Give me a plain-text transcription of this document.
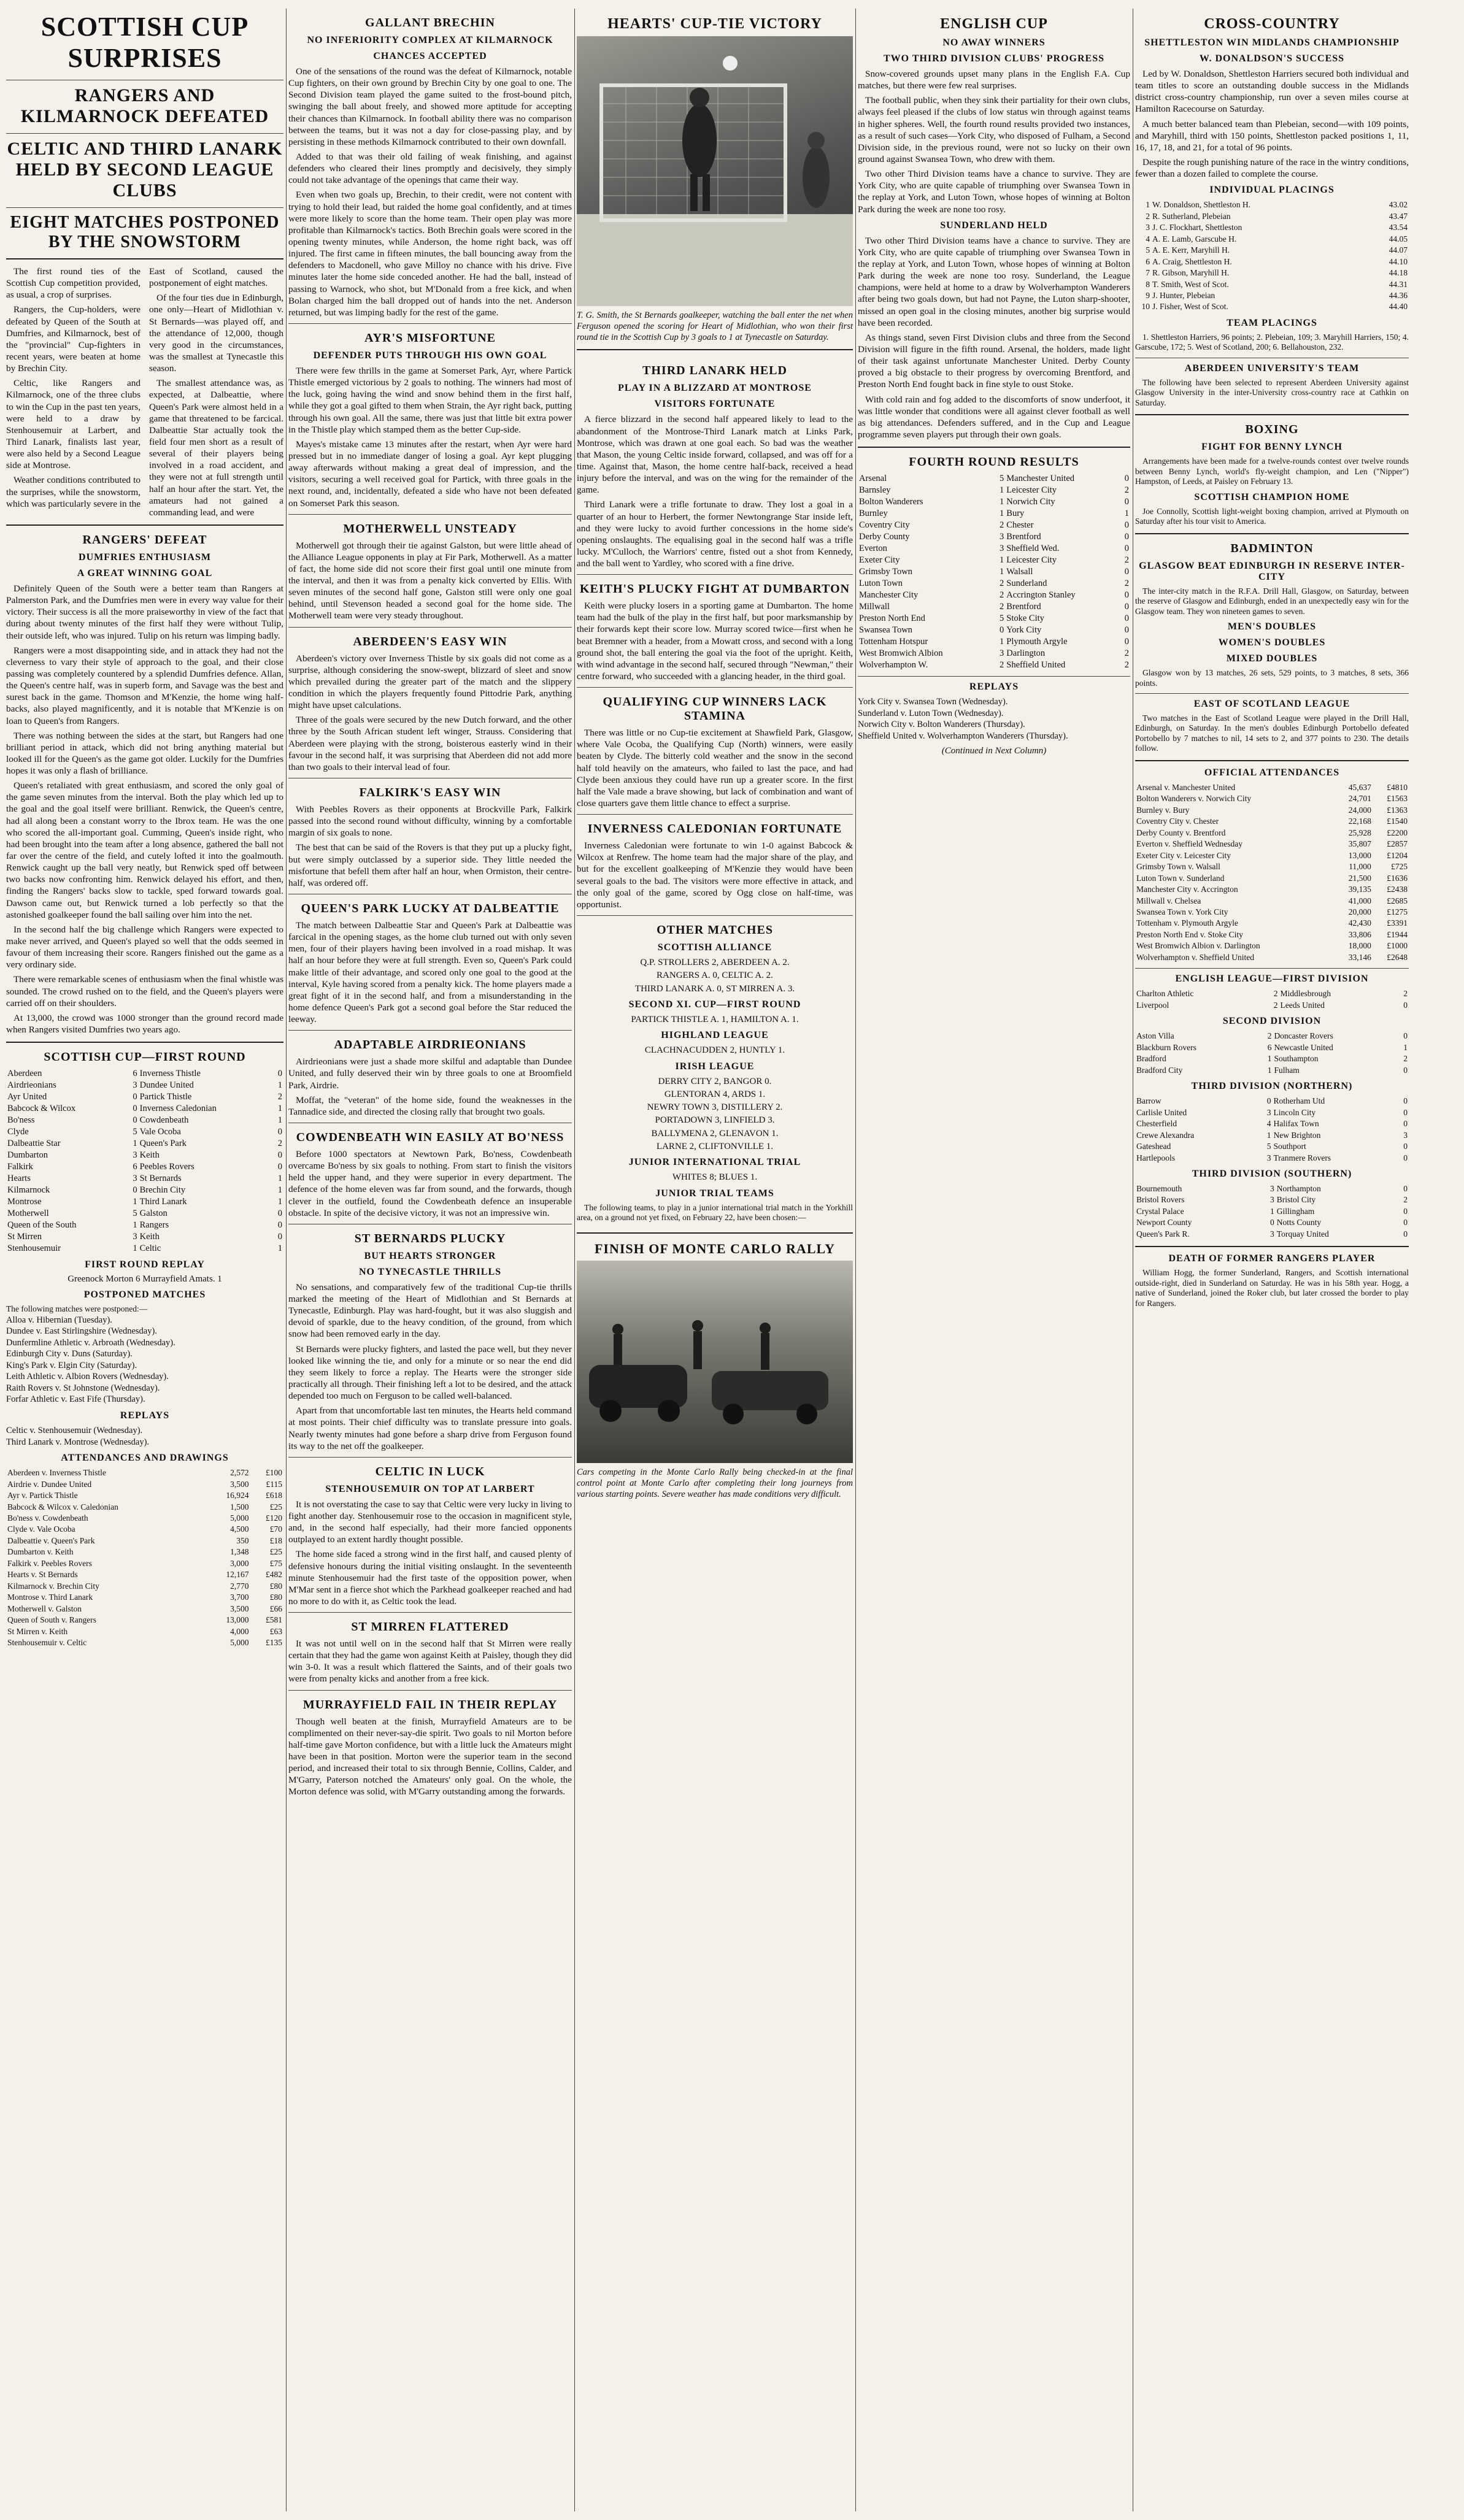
SCOTTISH CUP SURPRISES
RANGERS AND KILMARNOCK DEFEATED
CELTIC AND THIRD LANARK HELD BY SECOND LEAGUE CLUBS
EIGHT MATCHES POSTPONED BY THE SNOWSTORM

The first round ties of the Scottish Cup competition provided, as usual, a crop of surprises.

Rangers, the Cup-holders, were defeated by Queen of the South at Dumfries, and Kilmarnock, best of the "provincial" Cup-fighters in recent years, were beaten at home by Brechin City.

Celtic, like Rangers and Kilmarnock, one of the three clubs to win the Cup in the past ten years, were held to a draw by Stenhousemuir at Larbert, and Third Lanark, finalists last year, were also held by a Second League side at Montrose.

Weather conditions contributed to the surprises, while the snowstorm, which was particularly severe in the East of Scotland, caused the postponement of eight matches.

Of the four ties due in Edinburgh, one only—Heart of Midlothian v. St Bernards—was played off, and the attendance of 12,000, though very good in the circumstances, was the smallest at Tynecastle this season.

The smallest attendance was, as expected, at Dalbeattie, where Queen's Park were almost held in a game that threatened to be farcical. Dalbeattie Star actually took the field four men short as a result of several of their players being involved in a road accident, and they were not at full strength until half an hour after the start. Yet, the amateurs had not gained a commanding lead, and were

RANGERS' DEFEAT
DUMFRIES ENTHUSIASM
A GREAT WINNING GOAL

Definitely Queen of the South were a better team than Rangers at Palmerston Park, and the Dumfries men were in every way value for their victory. Their success is all the more praiseworthy in view of the fact that during about twenty minutes of the first half they were without Tulip, their outside left, who was injured. Tulip on his return was limping badly.

Rangers were a most disappointing side, and in attack they had not the cleverness to vary their style of approach to the goal, and their close passing was completely countered by a splendid Dumfries defence. Allan, the Queen's centre half, was in superb form, and Savage was the best and surest back in the game. Thomson and M'Kenzie, the home wing half-backs, also played magnificently, and it is notable that M'Kenzie is on loan to Queen's from Rangers.

There was nothing between the sides at the start, but Rangers had one brilliant period in attack, which did not bring anything material but looked ill for the Queen's as the game got older. Luckily for the Dumfries hopes it was only a flash of brilliance.

Queen's retaliated with great enthusiasm, and scored the only goal of the game seven minutes from the interval. Both the play which led up to the goal and the goal itself were brilliant. Renwick, the Queen's centre, had all along been a constant worry to the Ibrox team. He was the one who scored the all-important goal. Cumming, Queen's inside right, who had been brought into the team after a long absence, gathered the ball not far over the centre of the field, and cutely lofted it into the goalmouth. Renwick caught up the ball very neatly, but Renwick sped off between two backs now confronting him. Renwick delayed his effort, and then, finding the Rangers' backs slow to tackle, sped forward towards goal. Dawson came out, but Renwick turned a lob perfectly so that the astonished goalkeeper found the ball sailing over him into the net.

In the second half the big challenge which Rangers were expected to make never arrived, and Queen's played so well that the odds seemed in favour of them increasing their score. Rangers finished out the game as a very ordinary side.

There were remarkable scenes of enthusiasm when the final whistle was sounded. The crowd rushed on to the field, and the Queen's players were carried off on their shoulders.

At 13,000, the crowd was 1000 stronger than the ground record made when Rangers visited Dumfries two years ago.

SCOTTISH CUP—FIRST ROUND
Aberdeen	6	Inverness Thistle	0
Airdrieonians	3	Dundee United	1
Ayr United	0	Partick Thistle	2
Babcock & Wilcox	0	Inverness Caledonian	1
Bo'ness	0	Cowdenbeath	1
Clyde	5	Vale Ocoba	0
Dalbeattie Star	1	Queen's Park	2
Dumbarton	3	Keith	0
Falkirk	6	Peebles Rovers	0
Hearts	3	St Bernards	1
Kilmarnock	0	Brechin City	1
Montrose	1	Third Lanark	1
Motherwell	5	Galston	0
Queen of the South	1	Rangers	0
St Mirren	3	Keith	0
Stenhousemuir	1	Celtic	1
FIRST ROUND REPLAY
Greenock Morton 6 Murrayfield Amats. 1
POSTPONED MATCHES
The following matches were postponed:—
Alloa v. Hibernian (Tuesday).
Dundee v. East Stirlingshire (Wednesday).
Dunfermline Athletic v. Arbroath (Wednesday).
Edinburgh City v. Duns (Saturday).
King's Park v. Elgin City (Saturday).
Leith Athletic v. Albion Rovers (Wednesday).
Raith Rovers v. St Johnstone (Wednesday).
Forfar Athletic v. East Fife (Thursday).
REPLAYS
Celtic v. Stenhousemuir (Wednesday).
Third Lanark v. Montrose (Wednesday).
ATTENDANCES AND DRAWINGS
Aberdeen v. Inverness Thistle	2,572	£100
Airdrie v. Dundee United	3,500	£115
Ayr v. Partick Thistle	16,924	£618
Babcock & Wilcox v. Caledonian	1,500	£25
Bo'ness v. Cowdenbeath	5,000	£120
Clyde v. Vale Ocoba	4,500	£70
Dalbeattie v. Queen's Park	350	£18
Dumbarton v. Keith	1,348	£25
Falkirk v. Peebles Rovers	3,000	£75
Hearts v. St Bernards	12,167	£482
Kilmarnock v. Brechin City	2,770	£80
Montrose v. Third Lanark	3,700	£80
Motherwell v. Galston	3,500	£66
Queen of South v. Rangers	13,000	£581
St Mirren v. Keith	4,000	£63
Stenhousemuir v. Celtic	5,000	£135
GALLANT BRECHIN
NO INFERIORITY COMPLEX AT KILMARNOCK
CHANCES ACCEPTED

One of the sensations of the round was the defeat of Kilmarnock, notable Cup fighters, on their own ground by Brechin City by one goal to one. The Second Division team played the game suited to the frost-bound pitch, swinging the ball about freely, and showed more aptitude for accepting their chances than Kilmarnock. In football ability there was no comparison between the teams, but it was not a day for close-passing play, and by persisting in these methods Kilmarnock contributed to their own downfall.

Added to that was their old failing of weak finishing, and against defenders who cleared their lines promptly and decisively, they simply could not take advantage of the openings that came their way.

Even when two goals up, Brechin, to their credit, were not content with trying to hold their lead, but raided the home goal confidently, and at times were more likely to score than the home team. Their open play was more profitable than Kilmarnock's tactics. Both Brechin goals were scored in the opening twenty minutes, while Anderson, the home right back, was off injured. The first came in fifteen minutes, the ball bouncing away from the defenders to Macdonell, who gave Milloy no chance with his drive. Five minutes later the home side conceded another. He had the ball, instead of passing to Warnock, who shot, but M'Donald from a free kick, and when Bolan charged him the ball dropped out of hands into the net. Anderson returned, but was limping badly for the rest of the game.

AYR'S MISFORTUNE
DEFENDER PUTS THROUGH HIS OWN GOAL

There were few thrills in the game at Somerset Park, Ayr, where Partick Thistle emerged victorious by 2 goals to nothing. The winners had most of the luck, going having the wind and snow behind them in the first half, while they got a goal gifted to them when Strain, the Ayr right back, putting through his own goal. All the same, there was just that little bit extra power in the Thistle play which stamped them as the better Cup-side.

Mayes's mistake came 13 minutes after the restart, when Ayr were hard pressed but in no immediate danger of losing a goal. Ayr kept plugging away afterwards without making a great deal of impression, and the visitors, securing a well received goal for Partick, with three goals in the next round, and, incidentally, defeated a side who have not been defeated on Somerset Park this season.

MOTHERWELL UNSTEADY

Motherwell got through their tie against Galston, but were little ahead of the Alliance League opponents in play at Fir Park, Motherwell. As a matter of fact, the home side did not score their first goal until one minute from the interval, and then it was from a penalty kick converted by Ellis. With seven minutes of the second half gone, Galston still were only one goal behind, until Stevenson headed a second goal for the home side. The Motherwell team were very steady throughout.

ABERDEEN'S EASY WIN

Aberdeen's victory over Inverness Thistle by six goals did not come as a surprise, although considering the snow-swept, blizzard of sleet and snow which prevailed during the greater part of the match and the slippery condition in which the players frequently found Pittodrie Park, anything might have upset calculations.

Three of the goals were secured by the new Dutch forward, and the other three by the South African student left winger, Strauss. Considering that Aberdeen were playing with the strong, boisterous easterly wind in their favour in the second half, it was surprising that Aberdeen did not add more than two goals to their interval lead of four.

FALKIRK'S EASY WIN

With Peebles Rovers as their opponents at Brockville Park, Falkirk passed into the second round without difficulty, winning by a comfortable margin of six goals to none.

The best that can be said of the Rovers is that they put up a plucky fight, but were simply outclassed by a superior side. They little needed the misfortune that befell them after half an hour, when Ormiston, their centre-half, was ordered off.

QUEEN'S PARK LUCKY AT DALBEATTIE

The match between Dalbeattie Star and Queen's Park at Dalbeattie was farcical in the opening stages, as the home club turned out with only seven men, four of their players having been involved in a road mishap. It was half an hour before they were at full strength. Even so, Queen's Park could make little of their advantage, and scored only one goal to the good at the interval, Kyle having scored from a penalty kick. The home players made a great fight of it in the second half, and from a misunderstanding in the home defence Queen's Park got a second goal before the Star reduced the leeway.

ADAPTABLE AIRDRIEONIANS

Airdrieonians were just a shade more skilful and adaptable than Dundee United, and fully deserved their win by three goals to one at Broomfield Park, Airdrie.

Moffat, the "veteran" of the home side, found the weaknesses in the Tannadice side, and directed the closing rally that brought two goals.

COWDENBEATH WIN EASILY AT BO'NESS

Before 1000 spectators at Newtown Park, Bo'ness, Cowdenbeath overcame Bo'ness by six goals to nothing. From start to finish the visitors held the upper hand, and they were superior in every department. The defence of the home eleven was far from sound, and the forwards, though clever in the outfield, found the Cowdenbeath defence an insuperable obstacle. In spite of the decisive victory, it was not an impressive win.

ST BERNARDS PLUCKY
BUT HEARTS STRONGER
NO TYNECASTLE THRILLS

No sensations, and comparatively few of the traditional Cup-tie thrills marked the meeting of the Heart of Midlothian and St Bernards at Tynecastle, Edinburgh. Play was hard-fought, but it was also sluggish and devoid of sparkle, due to the heavy condition, of the ground, from which snow had been removed early in the day.

St Bernards were plucky fighters, and lasted the pace well, but they never looked like winning the tie, and only for a minute or so near the end did they seem likely to force a replay. The Hearts were the stronger side practically all through. Their finishing left a lot to be desired, and the attack depended too much on Ferguson to be called well-balanced.

Apart from that uncomfortable last ten minutes, the Hearts held command at most points. Their chief difficulty was to translate pressure into goals. Nearly twenty minutes had gone before a sharp drive from Ferguson found its way to the net off the goalkeeper.

CELTIC IN LUCK
STENHOUSEMUIR ON TOP AT LARBERT

It is not overstating the case to say that Celtic were very lucky in living to fight another day. Stenhousemuir rose to the occasion in magnificent style, and, in the second half especially, had their more fancied opponents outplayed to an extent hardly thought possible.

The home side faced a strong wind in the first half, and caused plenty of defensive honours during the initial visiting onslaught. In the seventeenth minute Stenhousemuir had the first taste of the opposition power, when M'Mar sent in a fierce shot which the Parkhead goalkeeper reached and had no more to do with it, as Celtic took the lead.

ST MIRREN FLATTERED

It was not until well on in the second half that St Mirren were really certain that they had the game won against Keith at Paisley, though they did win 3-0. It was a result which flattered the Saints, and of their goals two were from penalty kicks and another from a free kick.

MURRAYFIELD FAIL IN THEIR REPLAY

Though well beaten at the finish, Murrayfield Amateurs are to be complimented on their never-say-die spirit. Two goals to nil Morton before half-time gave Morton confidence, but with a little luck the Amateurs might have been in that position. Morton were the superior team in the second period, and increased their total to six through Bennie, Collins, Calder, and M'Garry, Paterson notched the Amateurs' only goal. On the whole, the Morton defence was solid, with M'Garry outstanding among the forwards.

HEARTS' CUP-TIE VICTORY
T. G. Smith, the St Bernards goalkeeper, watching the ball enter the net when Ferguson opened the scoring for Heart of Midlothian, who won their first round tie in the Scottish Cup by 3 goals to 1 at Tynecastle on Saturday.
THIRD LANARK HELD
PLAY IN A BLIZZARD AT MONTROSE
VISITORS FORTUNATE

A fierce blizzard in the second half appeared likely to lead to the abandonment of the Montrose-Third Lanark match at Links Park, Montrose, which was drawn at one goal each. So bad was the weather that Mason, the young Celtic inside forward, collapsed, and was off for a time. Against that, Mason, the home centre half-back, received a head injury before the interval, and was on the wing for the remainder of the game.

Third Lanark were a trifle fortunate to draw. They lost a goal in a quarter of an hour to Herbert, the former Newtongrange Star inside left, and they were lucky to avoid further concessions in the home side's opening onslaughts. The equalising goal in the second half was a trifle lucky. M'Culloch, the Warriors' centre, fisted out a shot from Kennedy, and the ball went to Yardley, who scored with a fine drive.

KEITH'S PLUCKY FIGHT AT DUMBARTON

Keith were plucky losers in a sporting game at Dumbarton. The home team had the bulk of the play in the first half, but poor marksmanship by their forwards kept their score low. Murray scored twice—first when he beat Bremner with a header, from a Mowatt cross, and second with a long ground shot, the ball entering the goal via the foot of the upright. Keith, with wind advantage in the second half, secured through "Newman," their centre forward, who succeeded with a glancing header, in the third goal.

QUALIFYING CUP WINNERS LACK STAMINA

There was little or no Cup-tie excitement at Shawfield Park, Glasgow, where Vale Ocoba, the Qualifying Cup (North) winners, were easily beaten by Clyde. The bitterly cold weather and the snow in the second half told heavily on the amateurs, who failed to last the pace, and had Clyde been anxious they could have run up a greater score. In the first half the Vale made a brave showing, but lack of combination and want of close quarters gave them little chance to effect a surprise.

INVERNESS CALEDONIAN FORTUNATE

Inverness Caledonian were fortunate to win 1-0 against Babcock & Wilcox at Renfrew. The home team had the major share of the play, and but for the excellent goalkeeping of M'Kenzie they would have been several goals to the bad. The visitors were more effective in attack, and the only goal of the game, scored by Ogg close on half-time, was opportunist.

OTHER MATCHES
SCOTTISH ALLIANCE
Q.P. STROLLERS 2, ABERDEEN A. 2.
RANGERS A. 0, CELTIC A. 2.
THIRD LANARK A. 0, ST MIRREN A. 3.
SECOND XI. CUP—FIRST ROUND
PARTICK THISTLE A. 1, HAMILTON A. 1.
HIGHLAND LEAGUE
CLACHNACUDDEN 2, HUNTLY 1.
IRISH LEAGUE
DERRY CITY 2, BANGOR 0.
GLENTORAN 4, ARDS 1.
NEWRY TOWN 3, DISTILLERY 2.
PORTADOWN 3, LINFIELD 3.
BALLYMENA 2, GLENAVON 1.
LARNE 2, CLIFTONVILLE 1.
JUNIOR INTERNATIONAL TRIAL
WHITES 8; BLUES 1.
JUNIOR TRIAL TEAMS

The following teams, to play in a junior international trial match in the Yorkhill area, on a ground not yet fixed, on February 22, have been chosen:—

FINISH OF MONTE CARLO RALLY
Cars competing in the Monte Carlo Rally being checked-in at the final control point at Monte Carlo after completing their long journeys from various starting points. Severe weather has made conditions very difficult.
ENGLISH CUP
NO AWAY WINNERS
TWO THIRD DIVISION CLUBS' PROGRESS

Snow-covered grounds upset many plans in the English F.A. Cup matches, but there were few real surprises.

The football public, when they sink their partiality for their own clubs, always feel pleased if the clubs of low status win through against teams in higher spheres. Well, the fourth round results provided two instances, as a result of such cases—York City, who disposed of Fulham, a Second Division side, in the previous round, were not so lucky on their own ground against Swansea Town, who drew with them.

Two other Third Division teams have a chance to survive. They are York City, who are quite capable of triumphing over Swansea Town in the replay at York, and Luton Town, whose hopes of winning at Bolton Park during the week are none too rosy.

SUNDERLAND HELD

Two other Third Division teams have a chance to survive. They are York City, who are quite capable of triumphing over Swansea Town in the replay at York, and Luton Town, whose hopes of winning at Bolton Park during the week are none too rosy. Sunderland, the League champions, were held at home to a draw by Wolverhampton Wanderers after being two goals down, but had not Payne, the Luton sharp-shooter, missed an open goal in the closing minutes, another big surprise would have been recorded.

As things stand, seven First Division clubs and three from the Second Division will figure in the fifth round. Arsenal, the holders, made light of their task against unfortunate Manchester United. Derby County proved a big obstacle to their progress by overcoming Brentford, and Preston North End fought back in fine style to oust Stoke.

With cold rain and fog added to the discomforts of snow underfoot, it was little wonder that conditions were all against clever football as well as big attendances. Defenders suffered, and in the Cup and League programme seven players put through their own goals.

FOURTH ROUND RESULTS
Arsenal	5	Manchester United	0
Barnsley	1	Leicester City	2
Bolton Wanderers	1	Norwich City	0
Burnley	1	Bury	1
Coventry City	2	Chester	0
Derby County	3	Brentford	0
Everton	3	Sheffield Wed.	0
Exeter City	1	Leicester City	2
Grimsby Town	1	Walsall	0
Luton Town	2	Sunderland	2
Manchester City	2	Accrington Stanley	0
Millwall	2	Brentford	0
Preston North End	5	Stoke City	0
Swansea Town	0	York City	0
Tottenham Hotspur	1	Plymouth Argyle	0
West Bromwich Albion	3	Darlington	2
Wolverhampton W.	2	Sheffield United	2
REPLAYS
York City v. Swansea Town (Wednesday).
Sunderland v. Luton Town (Wednesday).
Norwich City v. Bolton Wanderers (Thursday).
Sheffield United v. Wolverhampton Wanderers (Thursday).
(Continued in Next Column)
CROSS-COUNTRY
SHETTLESTON WIN MIDLANDS CHAMPIONSHIP
W. DONALDSON'S SUCCESS

Led by W. Donaldson, Shettleston Harriers secured both individual and team titles to score an outstanding double success in the Midlands district cross-country championship, run over a seven miles course at Hamilton Racecourse on Saturday.

A much better balanced team than Plebeian, second—with 109 points, and Maryhill, third with 150 points, Shettleston packed positions 1, 11, 16, 17, 18, and 21, for a total of 96 points.

Despite the rough punishing nature of the race in the wintry conditions, fewer than a dozen failed to complete the course.

INDIVIDUAL PLACINGS
1	W. Donaldson, Shettleston H.	43.02
2	R. Sutherland, Plebeian	43.47
3	J. C. Flockhart, Shettleston	43.54
4	A. E. Lamb, Garscube H.	44.05
5	A. E. Kerr, Maryhill H.	44.07
6	A. Craig, Shettleston H.	44.10
7	R. Gibson, Maryhill H.	44.18
8	T. Smith, West of Scot.	44.31
9	J. Hunter, Plebeian	44.36
10	J. Fisher, West of Scot.	44.40
TEAM PLACINGS

1. Shettleston Harriers, 96 points; 2. Plebeian, 109; 3. Maryhill Harriers, 150; 4. Garscube, 172; 5. West of Scotland, 200; 6. Bellahouston, 232.

ABERDEEN UNIVERSITY'S TEAM

The following have been selected to represent Aberdeen University against Glasgow University in the inter-University cross-country race at Cathkin on Saturday.

BOXING
FIGHT FOR BENNY LYNCH

Arrangements have been made for a twelve-rounds contest over twelve rounds between Benny Lynch, world's fly-weight champion, and Len ("Nipper") Hampston, of Leeds, at Paisley on February 13.

SCOTTISH CHAMPION HOME

Joe Connolly, Scottish light-weight boxing champion, arrived at Plymouth on Saturday after his tour visit to America.

BADMINTON
GLASGOW BEAT EDINBURGH IN RESERVE INTER-CITY

The inter-city match in the R.F.A. Drill Hall, Glasgow, on Saturday, between the reserve of Glasgow and Edinburgh, ended in an unexpectedly easy win for the Glasgow team. They won nineteen games to seven.

MEN'S DOUBLES
WOMEN'S DOUBLES
MIXED DOUBLES

Glasgow won by 13 matches, 26 sets, 529 points, to 3 matches, 8 sets, 366 points.

EAST OF SCOTLAND LEAGUE

Two matches in the East of Scotland League were played in the Drill Hall, Edinburgh, on Saturday. In the men's doubles Edinburgh Portobello defeated Portobello by 7 matches to nil, 14 sets to 2, and 377 points to 230. The details follow.

OFFICIAL ATTENDANCES
Arsenal v. Manchester United	45,637	£4810
Bolton Wanderers v. Norwich City	24,701	£1563
Burnley v. Bury	24,000	£1363
Coventry City v. Chester	22,168	£1540
Derby County v. Brentford	25,928	£2200
Everton v. Sheffield Wednesday	35,807	£2857
Exeter City v. Leicester City	13,000	£1204
Grimsby Town v. Walsall	11,000	£725
Luton Town v. Sunderland	21,500	£1636
Manchester City v. Accrington	39,135	£2438
Millwall v. Chelsea	41,000	£2685
Swansea Town v. York City	20,000	£1275
Tottenham v. Plymouth Argyle	42,430	£3391
Preston North End v. Stoke City	33,806	£1944
West Bromwich Albion v. Darlington	18,000	£1000
Wolverhampton v. Sheffield United	33,146	£2648
ENGLISH LEAGUE—FIRST DIVISION
Charlton Athletic	2	Middlesbrough	2
Liverpool	2	Leeds United	0
SECOND DIVISION
Aston Villa	2	Doncaster Rovers	0
Blackburn Rovers	6	Newcastle United	1
Bradford	1	Southampton	2
Bradford City	1	Fulham	0
THIRD DIVISION (NORTHERN)
Barrow	0	Rotherham Utd	0
Carlisle United	3	Lincoln City	0
Chesterfield	4	Halifax Town	0
Crewe Alexandra	1	New Brighton	3
Gateshead	5	Southport	0
Hartlepools	3	Tranmere Rovers	0
THIRD DIVISION (SOUTHERN)
Bournemouth	3	Northampton	0
Bristol Rovers	3	Bristol City	2
Crystal Palace	1	Gillingham	0
Newport County	0	Notts County	0
Queen's Park R.	3	Torquay United	0
DEATH OF FORMER RANGERS PLAYER

William Hogg, the former Sunderland, Rangers, and Scottish international outside-right, died in Sunderland on Saturday. He was in his 58th year. Hogg, a native of Sunderland, joined the Roker club, but later crossed the border to play for Rangers.
